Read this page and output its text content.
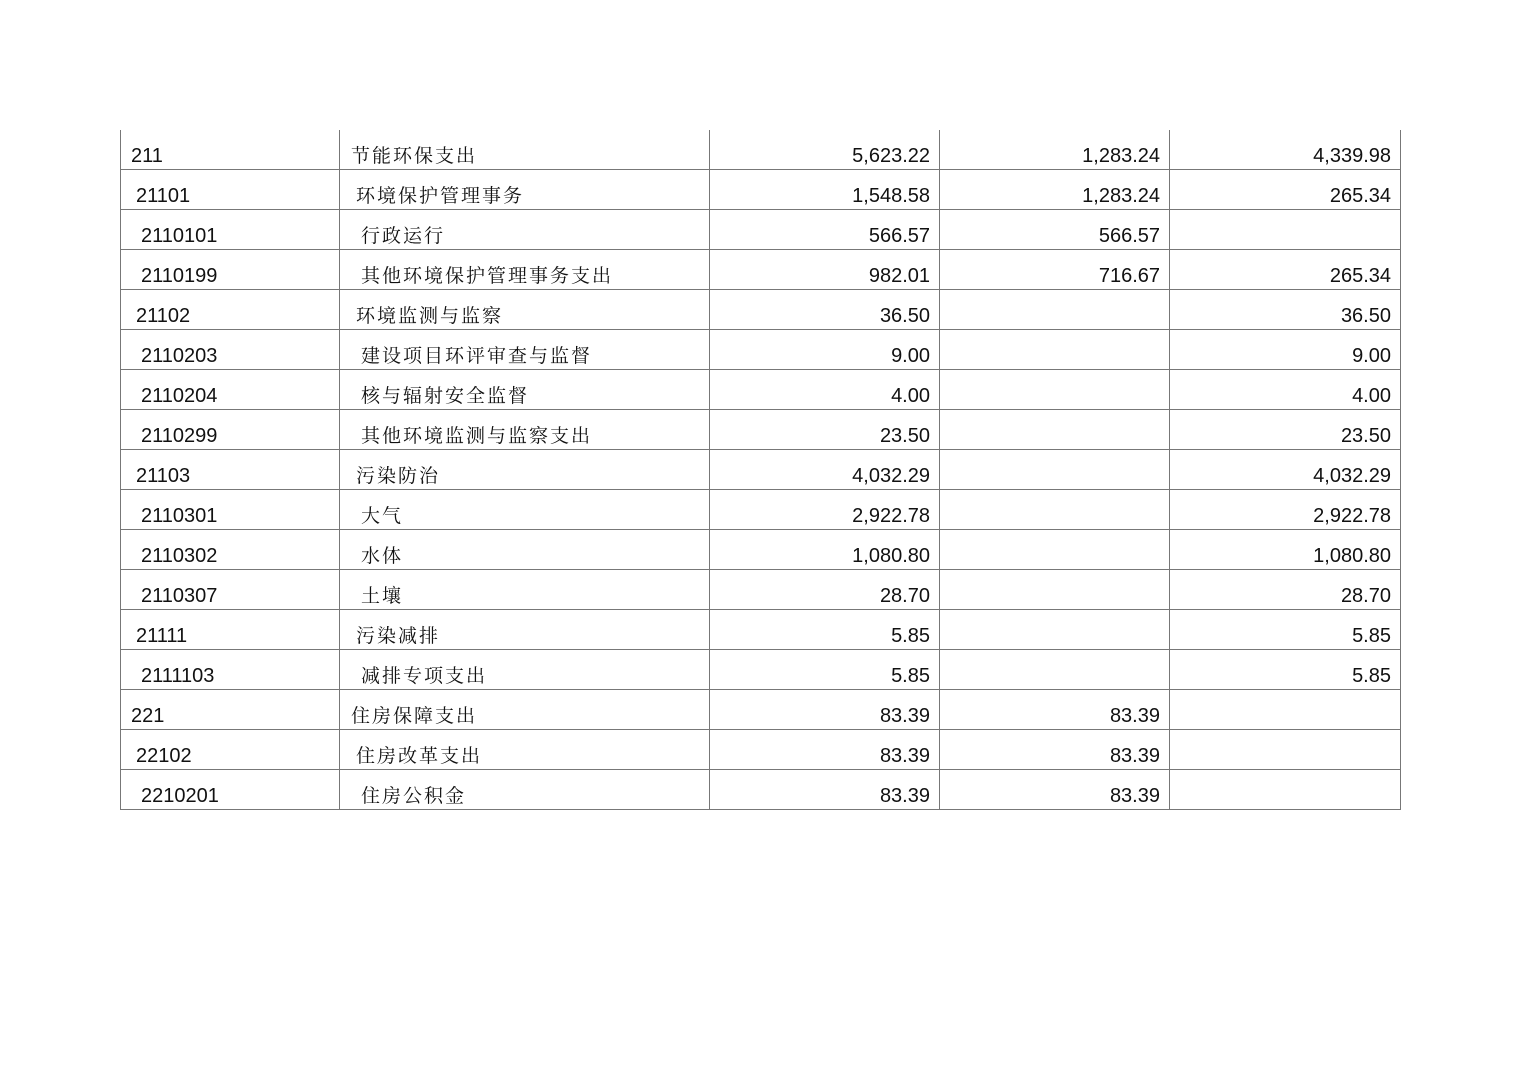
211	节能环保支出	5,623.22	1,283.24	4,339.98
21101	环境保护管理事务	1,548.58	1,283.24	265.34
2110101	行政运行	566.57	566.57	
2110199	其他环境保护管理事务支出	982.01	716.67	265.34
21102	环境监测与监察	36.50		36.50
2110203	建设项目环评审查与监督	9.00		9.00
2110204	核与辐射安全监督	4.00		4.00
2110299	其他环境监测与监察支出	23.50		23.50
21103	污染防治	4,032.29		4,032.29
2110301	大气	2,922.78		2,922.78
2110302	水体	1,080.80		1,080.80
2110307	土壤	28.70		28.70
21111	污染减排	5.85		5.85
2111103	减排专项支出	5.85		5.85
221	住房保障支出	83.39	83.39	
22102	住房改革支出	83.39	83.39	
2210201	住房公积金	83.39	83.39	
